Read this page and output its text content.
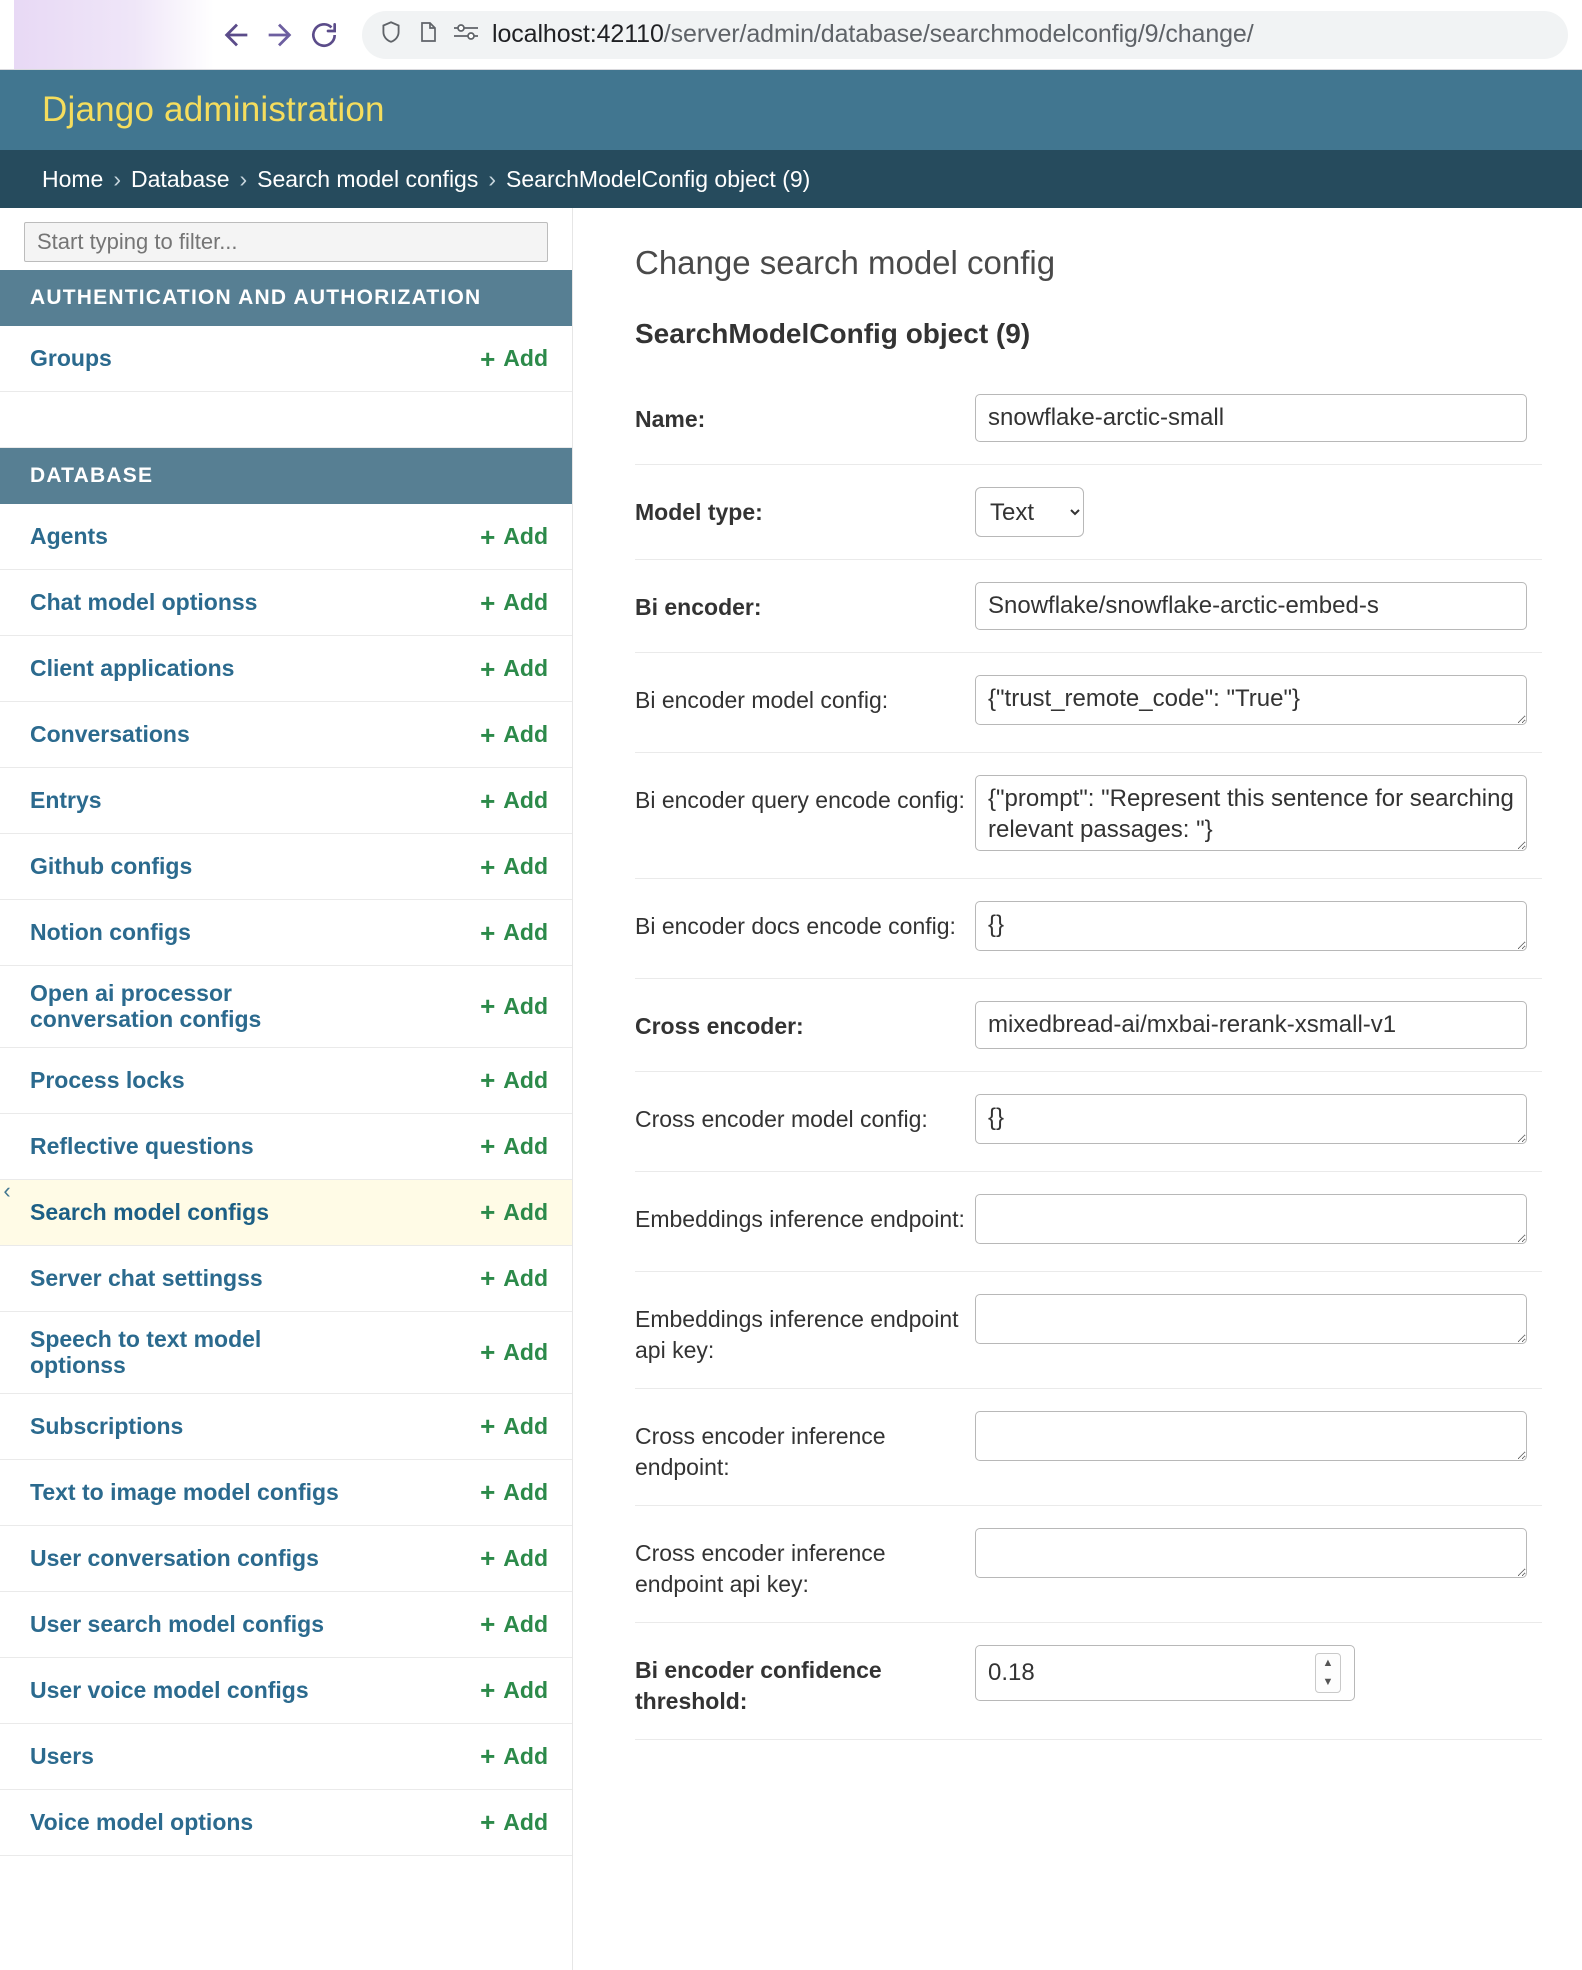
localhost:42110/server/admin/database/searchmodelconfig/9/change/
Django administration
Home › Database › Search model configs › SearchModelConfig object (9)
Start typing to filter...
AUTHENTICATION AND AUTHORIZATION
Groups	+ Add
DATABASE
Agents	+ Add
Chat model optionss	+ Add
Client applications	+ Add
Conversations	+ Add
Entrys	+ Add
Github configs	+ Add
Notion configs	+ Add
Open ai processor conversation configs	+ Add
Process locks	+ Add
Reflective questions	+ Add
Search model configs	+ Add
Server chat settingss	+ Add
Speech to text model optionss	+ Add
Subscriptions	+ Add
Text to image model configs	+ Add
User conversation configs	+ Add
User search model configs	+ Add
User voice model configs	+ Add
Users	+ Add
Voice model options	+ Add
‹
Change search model config
SearchModelConfig object (9)
Name:
snowflake-arctic-small
Model type:
Text
Bi encoder:
Snowflake/snowflake-arctic-embed-s
Bi encoder model config:
{"trust_remote_code": "True"}
Bi encoder query encode config:
{"prompt": "Represent this sentence for searching relevant passages: "}
Bi encoder docs encode config:
{}
Cross encoder:
mixedbread-ai/mxbai-rerank-xsmall-v1
Cross encoder model config:
{}
Embeddings inference endpoint:
Embeddings inference endpoint api key:
Cross encoder inference endpoint:
Cross encoder inference endpoint api key:
Bi encoder confidence threshold:
0.18
▲
▼
